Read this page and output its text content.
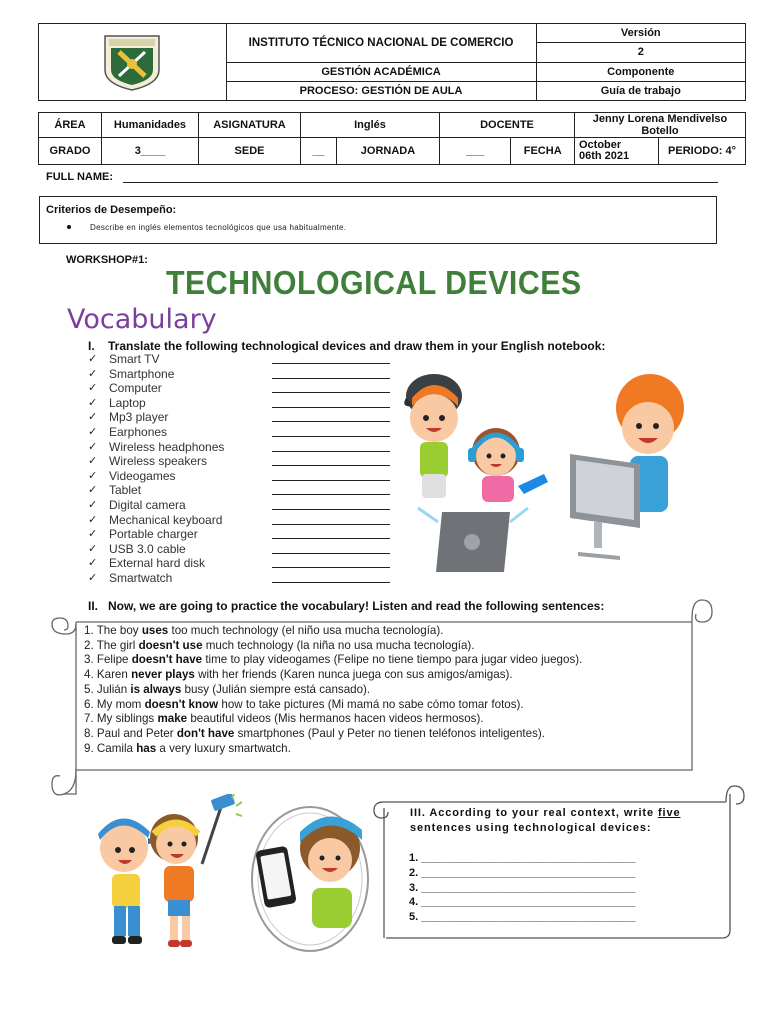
	INSTITUTO TÉCNICO NACIONAL DE COMERCIO	Versión
		2
	GESTIÓN ACADÉMICA	Componente
	PROCESO: GESTIÓN DE AULA	Guía de trabajo
ÁREA	Humanidades	ASIGNATURA	Inglés		DOCENTE		Jenny Lorena Mendivelso Botello	
GRADO	3____	SEDE	__	JORNADA	___	FECHA	October
06th 2021	PERIODO: 4°
FULL NAME:
Criterios de Desempeño:
Describe en inglés elementos tecnológicos que usa habitualmente.
WORKSHOP#1:
TECHNOLOGICAL DEVICES
Vocabulary
I. Translate the following technological devices and draw them in your English notebook:
✓ Smart TV
✓ Smartphone
✓ Computer
✓ Laptop
✓ Mp3 player
✓ Earphones
✓ Wireless headphones
✓ Wireless speakers
✓ Videogames
✓ Tablet
✓ Digital camera
✓ Mechanical keyboard
✓ Portable charger
✓ USB 3.0 cable
✓ External hard disk
✓ Smartwatch
II. Now, we are going to practice the vocabulary! Listen and read the following sentences:
1. The boy uses too much technology (el niño usa mucha tecnología).
2. The girl doesn't use much technology (la niña no usa mucha tecnología).
3. Felipe doesn't have time to play videogames (Felipe no tiene tiempo para jugar video juegos).
4. Karen never plays with her friends (Karen nunca juega con sus amigos/amigas).
5. Julián is always busy (Julián siempre está cansado).
6. My mom doesn't know how to take pictures (Mi mamá no sabe cómo tomar fotos).
7. My siblings make beautiful videos (Mis hermanos hacen videos hermosos).
8. Paul and Peter don't have smartphones (Paul y Peter no tienen teléfonos inteligentes).
9. Camila has a very luxury smartwatch.
III. According to your real context, write five
sentences using technological devices:
1. ___________________________________
2. ___________________________________
3. ___________________________________
4. ___________________________________
5. ___________________________________
